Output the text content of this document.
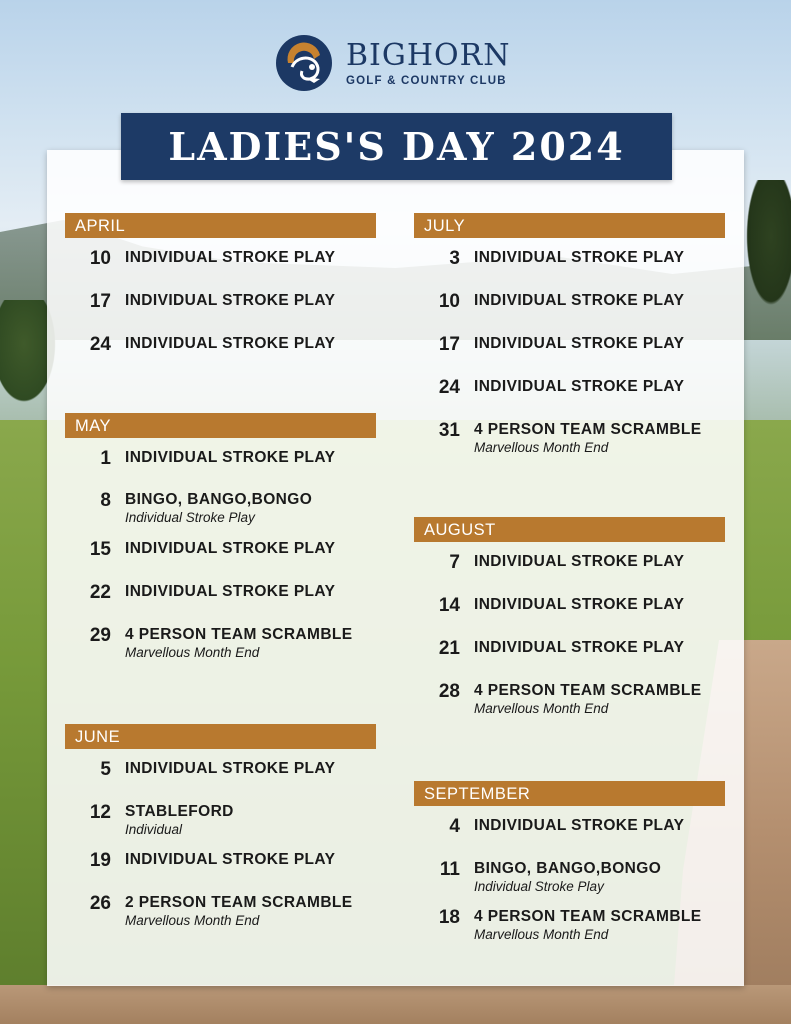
BIGHORN
GOLF & COUNTRY CLUB
LADIES'S DAY 2024
APRIL
10 INDIVIDUAL STROKE PLAY
17 INDIVIDUAL STROKE PLAY
24 INDIVIDUAL STROKE PLAY
MAY
1 INDIVIDUAL STROKE PLAY
8 BINGO, BANGO,BONGO
Individual Stroke Play
15 INDIVIDUAL STROKE PLAY
22 INDIVIDUAL STROKE PLAY
29 4 PERSON TEAM SCRAMBLE
Marvellous Month End
JUNE
5 INDIVIDUAL STROKE PLAY
12 STABLEFORD
Individual
19 INDIVIDUAL STROKE PLAY
26 2 PERSON TEAM SCRAMBLE
Marvellous Month End
JULY
3 INDIVIDUAL STROKE PLAY
10 INDIVIDUAL STROKE PLAY
17 INDIVIDUAL STROKE PLAY
24 INDIVIDUAL STROKE PLAY
31 4 PERSON TEAM SCRAMBLE
Marvellous Month End
AUGUST
7 INDIVIDUAL STROKE PLAY
14 INDIVIDUAL STROKE PLAY
21 INDIVIDUAL STROKE PLAY
28 4 PERSON TEAM SCRAMBLE
Marvellous Month End
SEPTEMBER
4 INDIVIDUAL STROKE PLAY
11 BINGO, BANGO,BONGO
Individual Stroke Play
18 4 PERSON TEAM SCRAMBLE
Marvellous Month End
